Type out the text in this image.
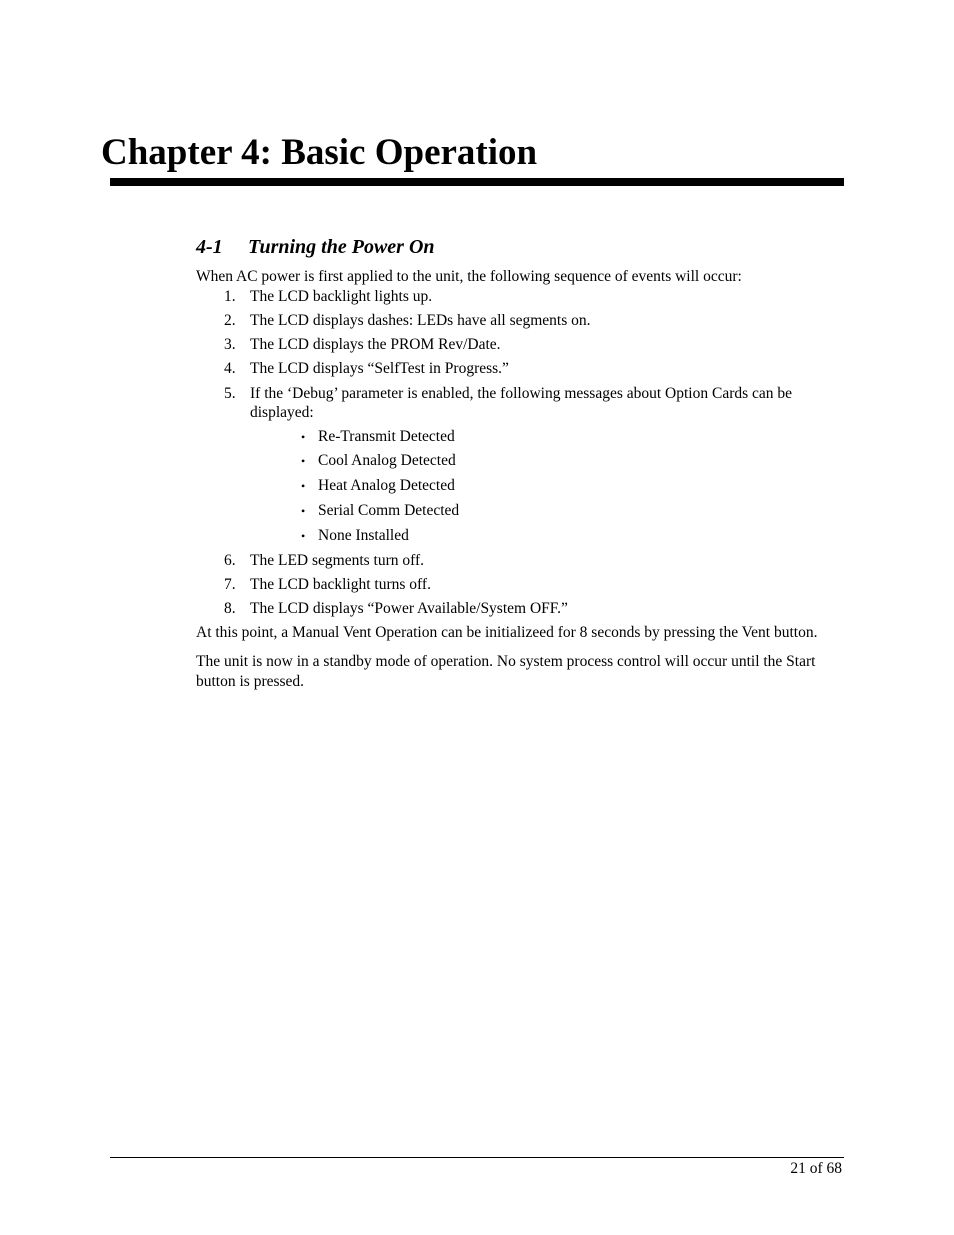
Chapter 4: Basic Operation
4-1 Turning the Power On

When AC power is first applied to the unit, the following sequence of events will occur:

1. The LCD backlight lights up.
2. The LCD displays dashes: LEDs have all segments on.
3. The LCD displays the PROM Rev/Date.
4. The LCD displays “SelfTest in Progress.”
5. If the ‘Debug’ parameter is enabled, the following messages about Option Cards can be displayed:
• Re-Transmit Detected
• Cool Analog Detected
• Heat Analog Detected
• Serial Comm Detected
• None Installed
6. The LED segments turn off.
7. The LCD backlight turns off.
8. The LCD displays “Power Available/System OFF.”

At this point, a Manual Vent Operation can be initializeed for 8 seconds by pressing the Vent button.

The unit is now in a standby mode of operation. No system process control will occur until the Start button is pressed.

21 of 68
